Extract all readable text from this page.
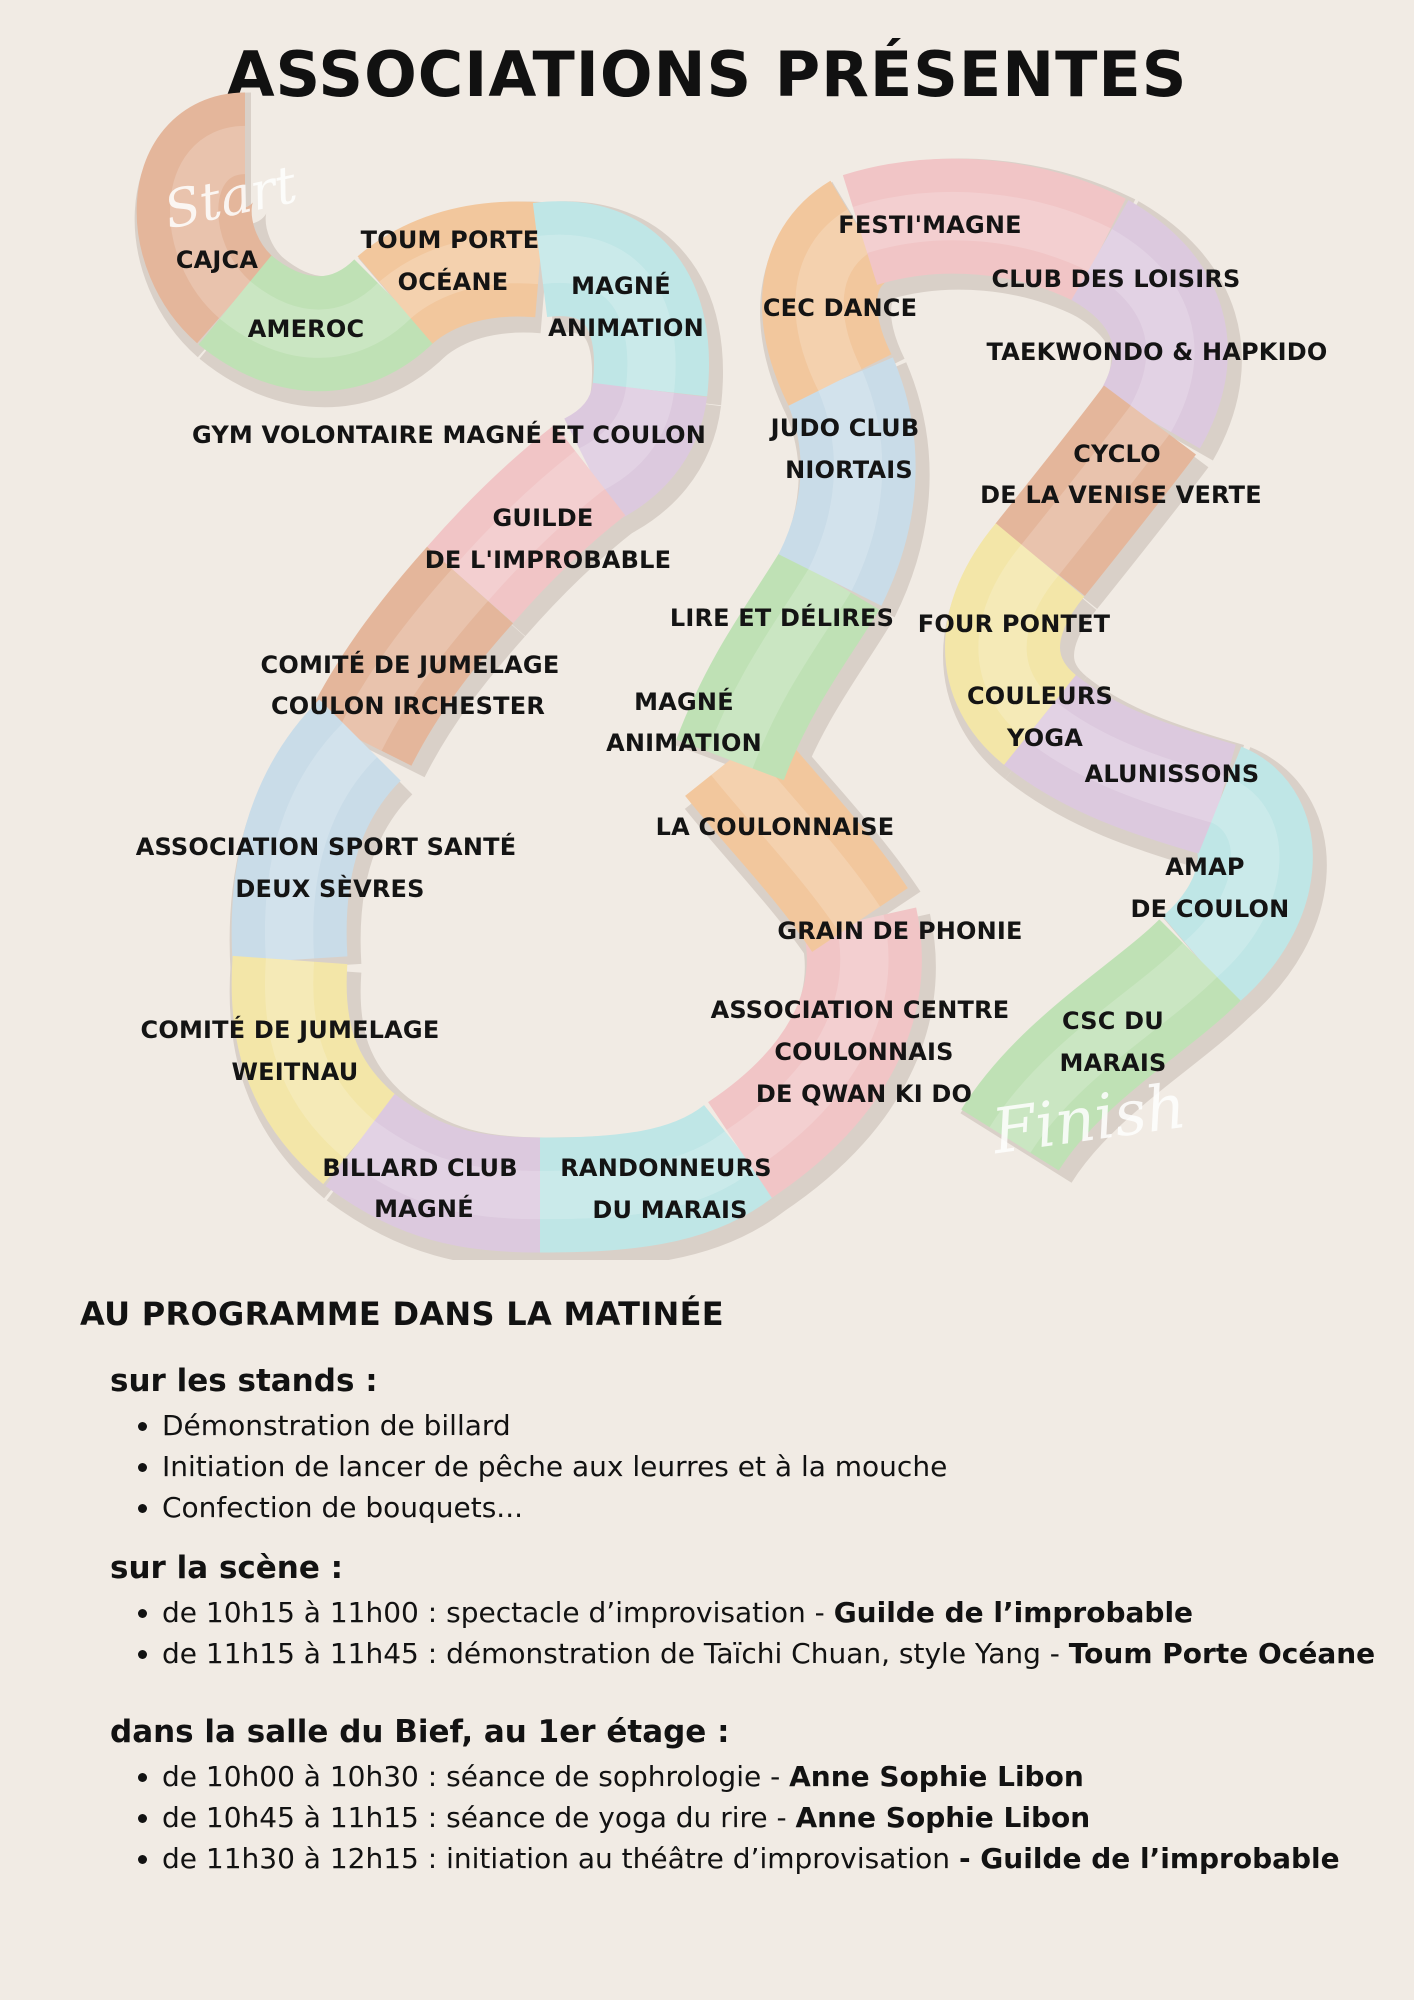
ASSOCIATIONS PRÉSENTES
Start
Finish
CAJCA
AMEROC
TOUM PORTE
OCÉANE	MAGNÉ
ANIMATION
GYM VOLONTAIRE MAGNÉ ET COULON
GUILDE
DE L'IMPROBABLE
COMITÉ DE JUMELAGE
COULON IRCHESTER
ASSOCIATION SPORT SANTÉ
DEUX SÈVRES
COMITÉ DE JUMELAGE
WEITNAU
BILLARD CLUB
MAGNÉ
RANDONNEURS
DU MARAIS
ASSOCIATION CENTRE
COULONNAIS
DE QWAN KI DO
GRAIN DE PHONIE
LA COULONNAISE
MAGNÉ
ANIMATION
LIRE ET DÉLIRES
JUDO CLUB
NIORTAIS
CEC DANCE
FESTI'MAGNE
CLUB DES LOISIRS
TAEKWONDO & HAPKIDO
CYCLO
DE LA VENISE VERTE
FOUR PONTET
COULEURS
YOGA
ALUNISSONS
AMAP
DE COULON
CSC DU
MARAIS
AU PROGRAMME DANS LA MATINÉE
sur les stands :
• Démonstration de billard
• Initiation de lancer de pêche aux leurres et à la mouche
• Confection de bouquets...
sur la scène :
• de 10h15 à 11h00 : spectacle d’improvisation - Guilde de l’improbable
• de 11h15 à 11h45 : démonstration de Taïchi Chuan, style Yang - Toum Porte Océane
dans la salle du Bief, au 1er étage :
• de 10h00 à 10h30 : séance de sophrologie - Anne Sophie Libon
• de 10h45 à 11h15 : séance de yoga du rire - Anne Sophie Libon
• de 11h30 à 12h15 : initiation au théâtre d’improvisation - Guilde de l’improbable
